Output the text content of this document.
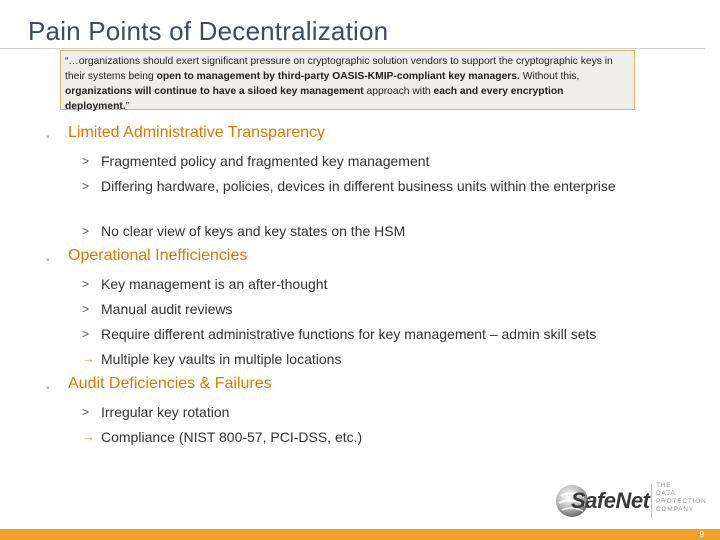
Pain Points of Decentralization
“…organizations should exert significant pressure on cryptographic solution vendors to support the cryptographic keys in their systems being open to management by third-party OASIS-KMIP-compliant key managers. Without this, organizations will continue to have a siloed key management approach with each and every encryption deployment.”
▪ Limited Administrative Transparency
> Fragmented policy and fragmented key management
> Differing hardware, policies, devices in different business units within the enterprise
> No clear view of keys and key states on the HSM
▪ Operational Inefficiencies
> Key management is an after-thought
> Manual audit reviews
> Require different administrative functions for key management – admin skill sets
→ Multiple key vaults in multiple locations
▪ Audit Deficiencies & Failures
> Irregular key rotation
→ Compliance (NIST 800-57, PCI-DSS, etc.)
SafeNet
THE
DATA
PROTECTION
COMPANY
9
